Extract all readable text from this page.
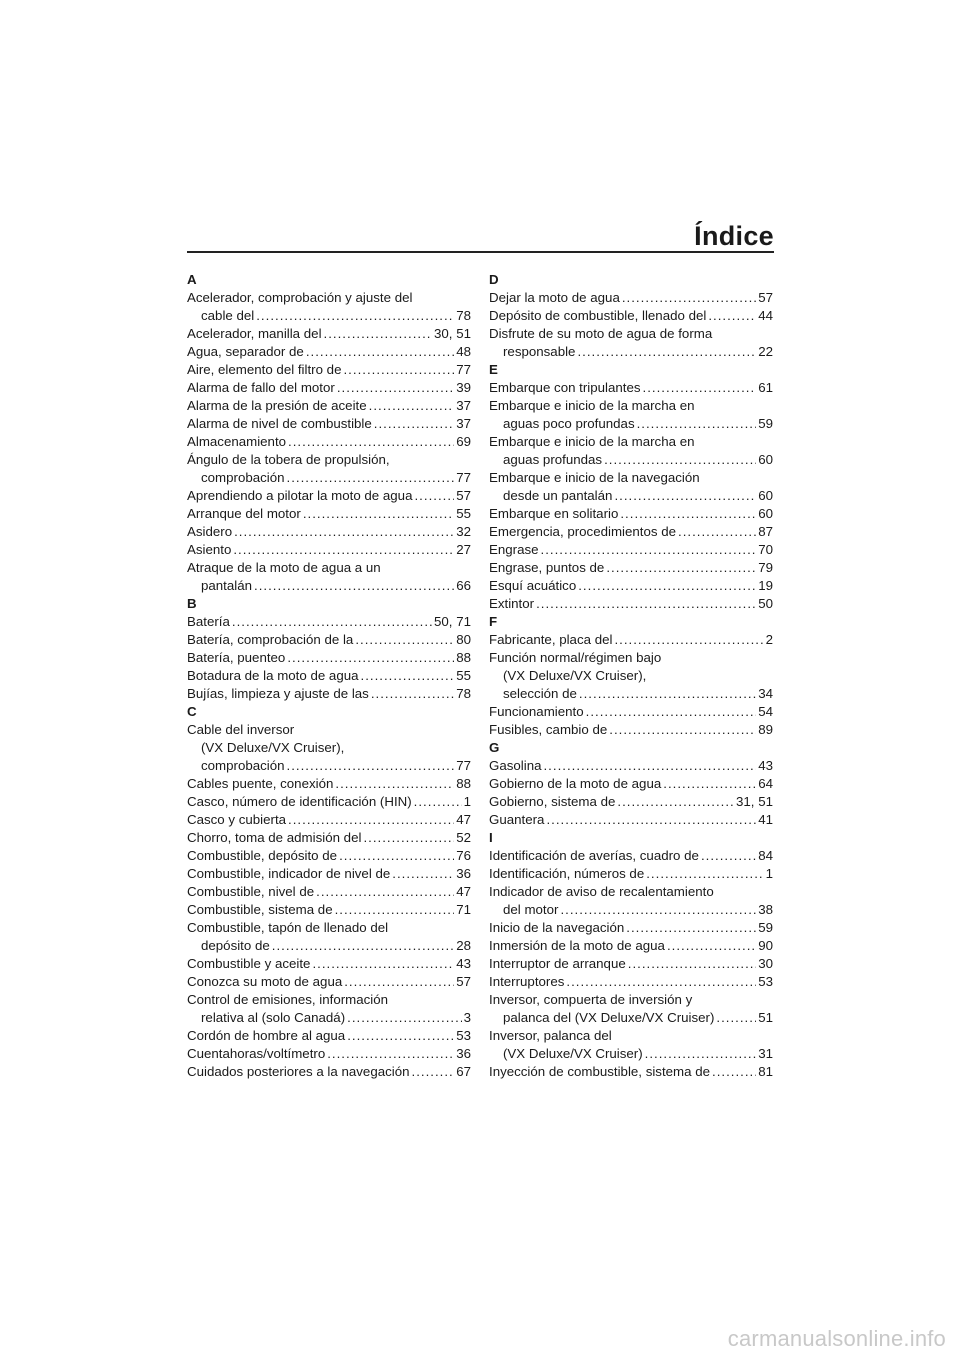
Índice
A
Acelerador, comprobación y ajuste del
cable del .....	78
Acelerador, manilla del .....	30, 51
Agua, separador de .....	48
Aire, elemento del filtro de .....	77
Alarma de fallo del motor .....	39
Alarma de la presión de aceite .....	37
Alarma de nivel de combustible .....	37
Almacenamiento .....	69
Ángulo de la tobera de propulsión,
comprobación .....	77
Aprendiendo a pilotar la moto de agua .....	57
Arranque del motor .....	55
Asidero .....	32
Asiento .....	27
Atraque de la moto de agua a un
pantalán .....	66
B
Batería .....	50, 71
Batería, comprobación de la .....	80
Batería, puenteo .....	88
Botadura de la moto de agua .....	55
Bujías, limpieza y ajuste de las .....	78
C
Cable del inversor
(VX Deluxe/VX Cruiser),
comprobación .....	77
Cables puente, conexión .....	88
Casco, número de identificación (HIN) .....	1
Casco y cubierta .....	47
Chorro, toma de admisión del .....	52
Combustible, depósito de .....	76
Combustible, indicador de nivel de .....	36
Combustible, nivel de .....	47
Combustible, sistema de .....	71
Combustible, tapón de llenado del
depósito de .....	28
Combustible y aceite .....	43
Conozca su moto de agua .....	57
Control de emisiones, información
relativa al (solo Canadá) .....	3
Cordón de hombre al agua .....	53
Cuentahoras/voltímetro .....	36
Cuidados posteriores a la navegación .....	67
D
Dejar la moto de agua .....	57
Depósito de combustible, llenado del .....	44
Disfrute de su moto de agua de forma
responsable .....	22
E
Embarque con tripulantes .....	61
Embarque e inicio de la marcha en
aguas poco profundas .....	59
Embarque e inicio de la marcha en
aguas profundas .....	60
Embarque e inicio de la navegación
desde un pantalán .....	60
Embarque en solitario .....	60
Emergencia, procedimientos de .....	87
Engrase .....	70
Engrase, puntos de .....	79
Esquí acuático .....	19
Extintor .....	50
F
Fabricante, placa del .....	2
Función normal/régimen bajo
(VX Deluxe/VX Cruiser),
selección de .....	34
Funcionamiento .....	54
Fusibles, cambio de .....	89
G
Gasolina .....	43
Gobierno de la moto de agua .....	64
Gobierno, sistema de .....	31, 51
Guantera .....	41
I
Identificación de averías, cuadro de .....	84
Identificación, números de .....	1
Indicador de aviso de recalentamiento
del motor .....	38
Inicio de la navegación .....	59
Inmersión de la moto de agua .....	90
Interruptor de arranque .....	30
Interruptores .....	53
Inversor, compuerta de inversión y
palanca del (VX Deluxe/VX Cruiser) .....	51
Inversor, palanca del
(VX Deluxe/VX Cruiser) .....	31
Inyección de combustible, sistema de .....	81
carmanualsonline.info
